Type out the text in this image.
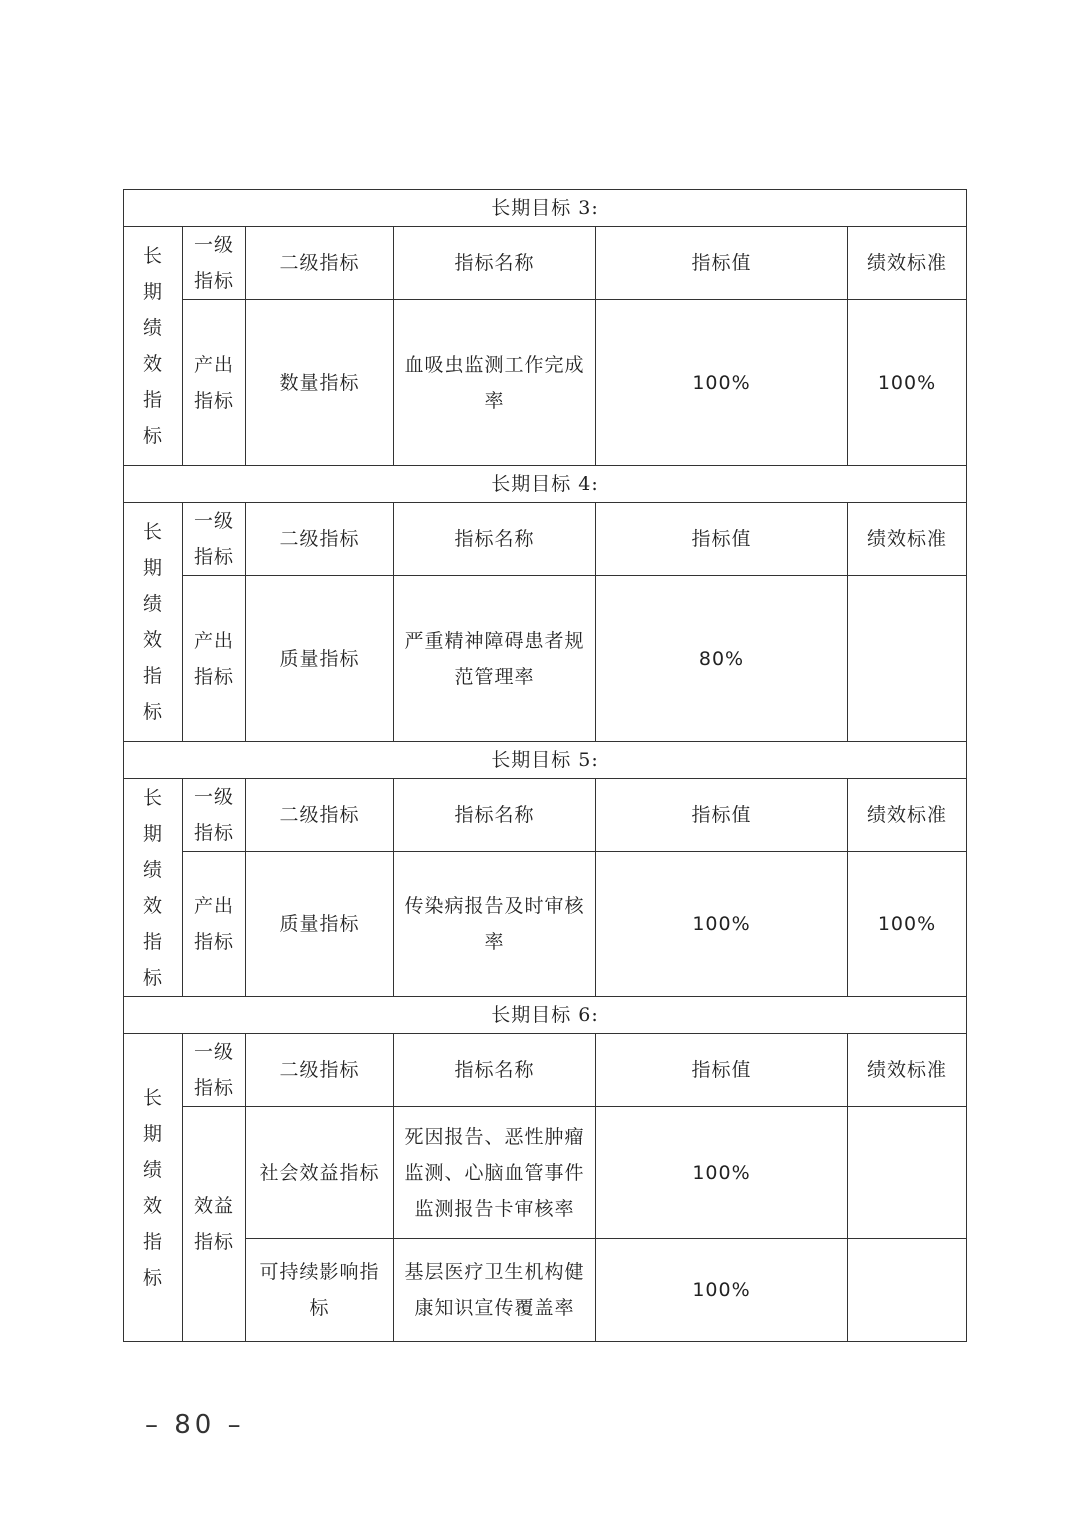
长期目标 3:					
长期绩效指标	一级指标	二级指标	指标名称	指标值	绩效标准
	产出指标	数量指标	血吸虫监测工作完成率	100%	100%
长期目标 4:					
长期绩效指标	一级指标	二级指标	指标名称	指标值	绩效标准
	产出指标	质量指标	严重精神障碍患者规范管理率	80%	
长期目标 5:					
长期绩效指标	一级指标	二级指标	指标名称	指标值	绩效标准
	产出指标	质量指标	传染病报告及时审核率	100%	100%
长期目标 6:					
长期绩效指标	一级指标	二级指标	指标名称	指标值	绩效标准
	效益指标	社会效益指标	死因报告、恶性肿瘤监测、心脑血管事件监测报告卡审核率	100%	
		可持续影响指标	基层医疗卫生机构健康知识宣传覆盖率	100%	
– 80 –
